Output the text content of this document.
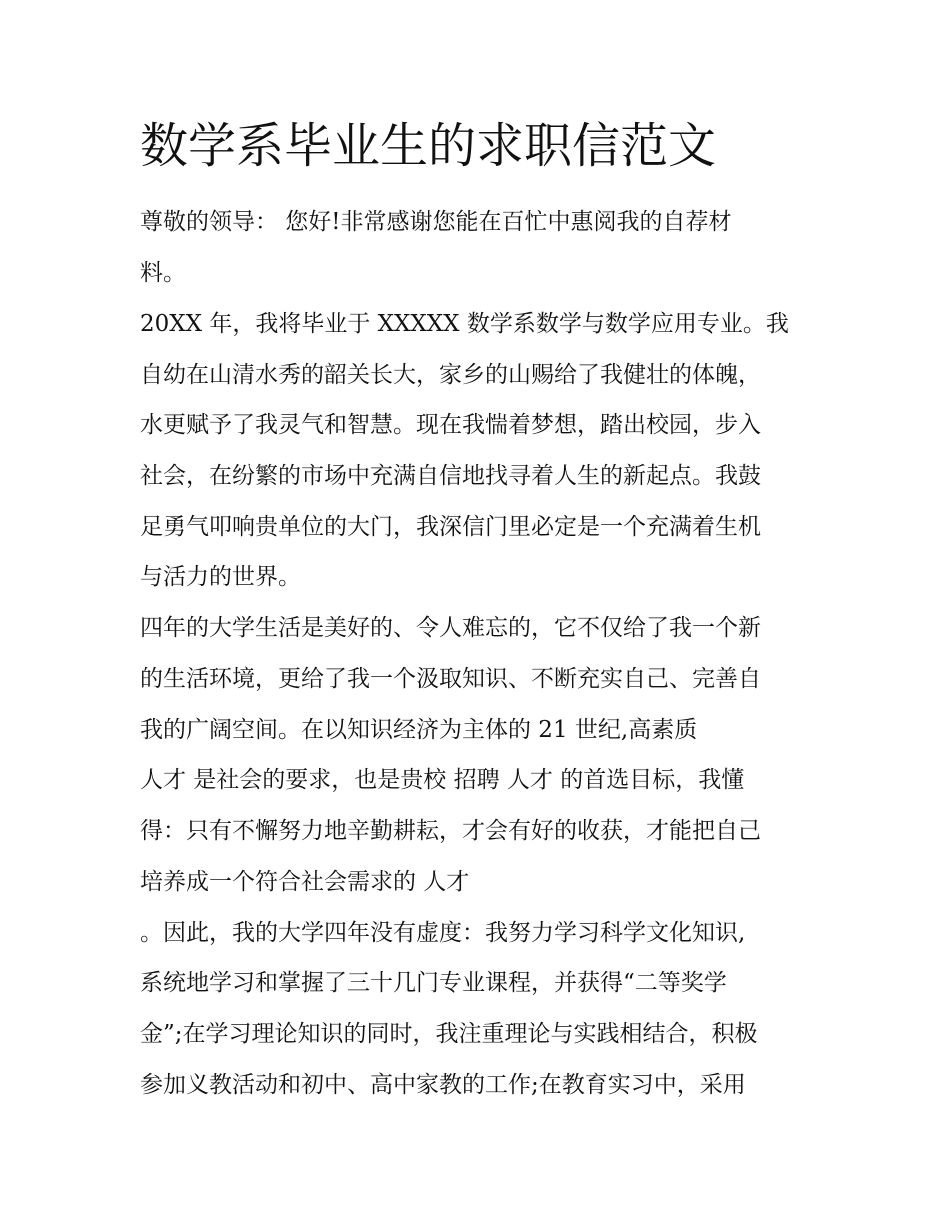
数学系毕业生的求职信范文
尊敬的领导： 您好!非常感谢您能在百忙中惠阅我的自荐材
料。
20XX 年，我将毕业于 XXXXX 数学系数学与数学应用专业。我
自幼在山清水秀的韶关长大，家乡的山赐给了我健壮的体魄，
水更赋予了我灵气和智慧。现在我惴着梦想，踏出校园，步入
社会，在纷繁的市场中充满自信地找寻着人生的新起点。我鼓
足勇气叩响贵单位的大门，我深信门里必定是一个充满着生机
与活力的世界。
四年的大学生活是美好的、令人难忘的，它不仅给了我一个新
的生活环境，更给了我一个汲取知识、不断充实自己、完善自
我的广阔空间。在以知识经济为主体的 21 世纪,高素质
人才 是社会的要求，也是贵校 招聘 人才 的首选目标，我懂
得：只有不懈努力地辛勤耕耘，才会有好的收获，才能把自己
培养成一个符合社会需求的 人才
。因此，我的大学四年没有虚度：我努力学习科学文化知识,
系统地学习和掌握了三十几门专业课程，并获得“二等奖学
金”;在学习理论知识的同时，我注重理论与实践相结合，积极
参加义教活动和初中、高中家教的工作;在教育实习中，采用
